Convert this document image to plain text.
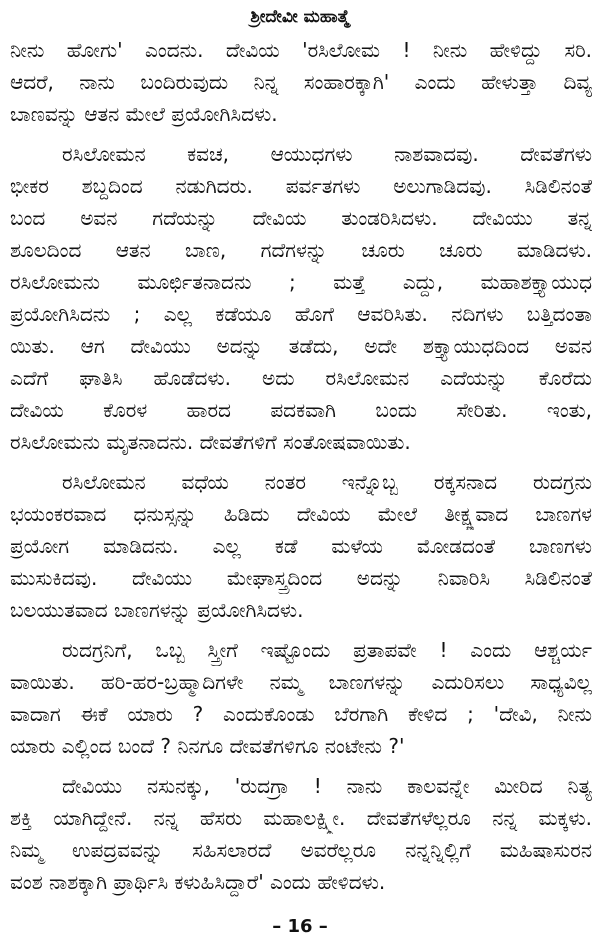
ಶ್ರೀದೇವೀ ಮಹಾತ್ಮೆ
ನೀನು ಹೋಗು' ಎಂದನು. ದೇವಿಯ 'ರಸಿಲೋಮ ! ನೀನು ಹೇಳಿದ್ದು ಸರಿ.
ಆದರೆ, ನಾನು ಬಂದಿರುವುದು ನಿನ್ನ ಸಂಹಾರಕ್ಕಾಗಿ' ಎಂದು ಹೇಳುತ್ತಾ ದಿವ್ಯ
ಬಾಣವನ್ನು ಆತನ ಮೇಲೆ ಪ್ರಯೋಗಿಸಿದಳು.
ರಸಿಲೋಮನ ಕವಚ, ಆಯುಧಗಳು ನಾಶವಾದವು. ದೇವತೆಗಳು
ಭೀಕರ ಶಬ್ದದಿಂದ ನಡುಗಿದರು. ಪರ್ವತಗಳು ಅಲುಗಾಡಿದವು. ಸಿಡಿಲಿನಂತೆ
ಬಂದ ಅವನ ಗದೆಯನ್ನು ದೇವಿಯ ತುಂಡರಿಸಿದಳು. ದೇವಿಯು ತನ್ನ
ಶೂಲದಿಂದ ಆತನ ಬಾಣ, ಗದೆಗಳನ್ನು ಚೂರು ಚೂರು ಮಾಡಿದಳು.
ರಸಿಲೋಮನು ಮೂರ್ಛಿತನಾದನು ; ಮತ್ತೆ ಎದ್ದು, ಮಹಾಶಕ್ತ್ಯಾಯುಧ
ಪ್ರಯೋಗಿಸಿದನು ; ಎಲ್ಲ ಕಡೆಯೂ ಹೊಗೆ ಆವರಿಸಿತು. ನದಿಗಳು ಬತ್ತಿದಂತಾ
ಯಿತು. ಆಗ ದೇವಿಯು ಅದನ್ನು ತಡೆದು, ಅದೇ ಶಕ್ತ್ಯಾಯುಧದಿಂದ ಅವನ
ಎದೆಗೆ ಘಾತಿಸಿ ಹೊಡೆದಳು. ಅದು ರಸಿಲೋಮನ ಎದೆಯನ್ನು ಕೊರೆದು
ದೇವಿಯ ಕೊರಳ ಹಾರದ ಪದಕವಾಗಿ ಬಂದು ಸೇರಿತು. ಇಂತು,
ರಸಿಲೋಮನು ಮೃತನಾದನು. ದೇವತೆಗಳಿಗೆ ಸಂತೋಷವಾಯಿತು.
ರಸಿಲೋಮನ ವಧೆಯ ನಂತರ ಇನ್ನೊಬ್ಬ ರಕ್ಕಸನಾದ ರುದಗ್ರನು
ಭಯಂಕರವಾದ ಧನುಸ್ಸನ್ನು ಹಿಡಿದು ದೇವಿಯ ಮೇಲೆ ತೀಕ್ಷ್ಣವಾದ ಬಾಣಗಳ
ಪ್ರಯೋಗ ಮಾಡಿದನು. ಎಲ್ಲ ಕಡೆ ಮಳೆಯ ಮೋಡದಂತೆ ಬಾಣಗಳು
ಮುಸುಕಿದವು. ದೇವಿಯು ಮೇಘಾಸ್ತ್ರದಿಂದ ಅದನ್ನು ನಿವಾರಿಸಿ ಸಿಡಿಲಿನಂತೆ
ಬಲಯುತವಾದ ಬಾಣಗಳನ್ನು ಪ್ರಯೋಗಿಸಿದಳು.
ರುದಗ್ರನಿಗೆ, ಒಬ್ಬ ಸ್ತ್ರೀಗೆ ಇಷ್ಟೊಂದು ಪ್ರತಾಪವೇ ! ಎಂದು ಆಶ್ಚರ್ಯ
ವಾಯಿತು. ಹರಿ-ಹರ-ಬ್ರಹ್ಮಾದಿಗಳೇ ನಮ್ಮ ಬಾಣಗಳನ್ನು ಎದುರಿಸಲು ಸಾಧ್ಯವಿಲ್ಲ
ವಾದಾಗ ಈಕೆ ಯಾರು ? ಎಂದುಕೊಂಡು ಬೆರಗಾಗಿ ಕೇಳಿದ ; 'ದೇವಿ, ನೀನು
ಯಾರು ಎಲ್ಲಿಂದ ಬಂದೆ ? ನಿನಗೂ ದೇವತೆಗಳಿಗೂ ನಂಟೇನು ?'
ದೇವಿಯು ನಸುನಕ್ಕು, 'ರುದಗ್ರಾ ! ನಾನು ಕಾಲವನ್ನೇ ಮೀರಿದ ನಿತ್ಯ
ಶಕ್ತಿ ಯಾಗಿದ್ದೇನೆ. ನನ್ನ ಹೆಸರು ಮಹಾಲಕ್ಷ್ಮೀ. ದೇವತೆಗಳೆಲ್ಲರೂ ನನ್ನ ಮಕ್ಕಳು.
ನಿಮ್ಮ ಉಪದ್ರವವನ್ನು ಸಹಿಸಲಾರದೆ ಅವರೆಲ್ಲರೂ ನನ್ನನ್ನಿಲ್ಲಿಗೆ ಮಹಿಷಾಸುರನ
ವಂಶ ನಾಶಕ್ಕಾಗಿ ಪ್ರಾರ್ಥಿಸಿ ಕಳುಹಿಸಿದ್ದಾರೆ' ಎಂದು ಹೇಳಿದಳು.
– 16 –
